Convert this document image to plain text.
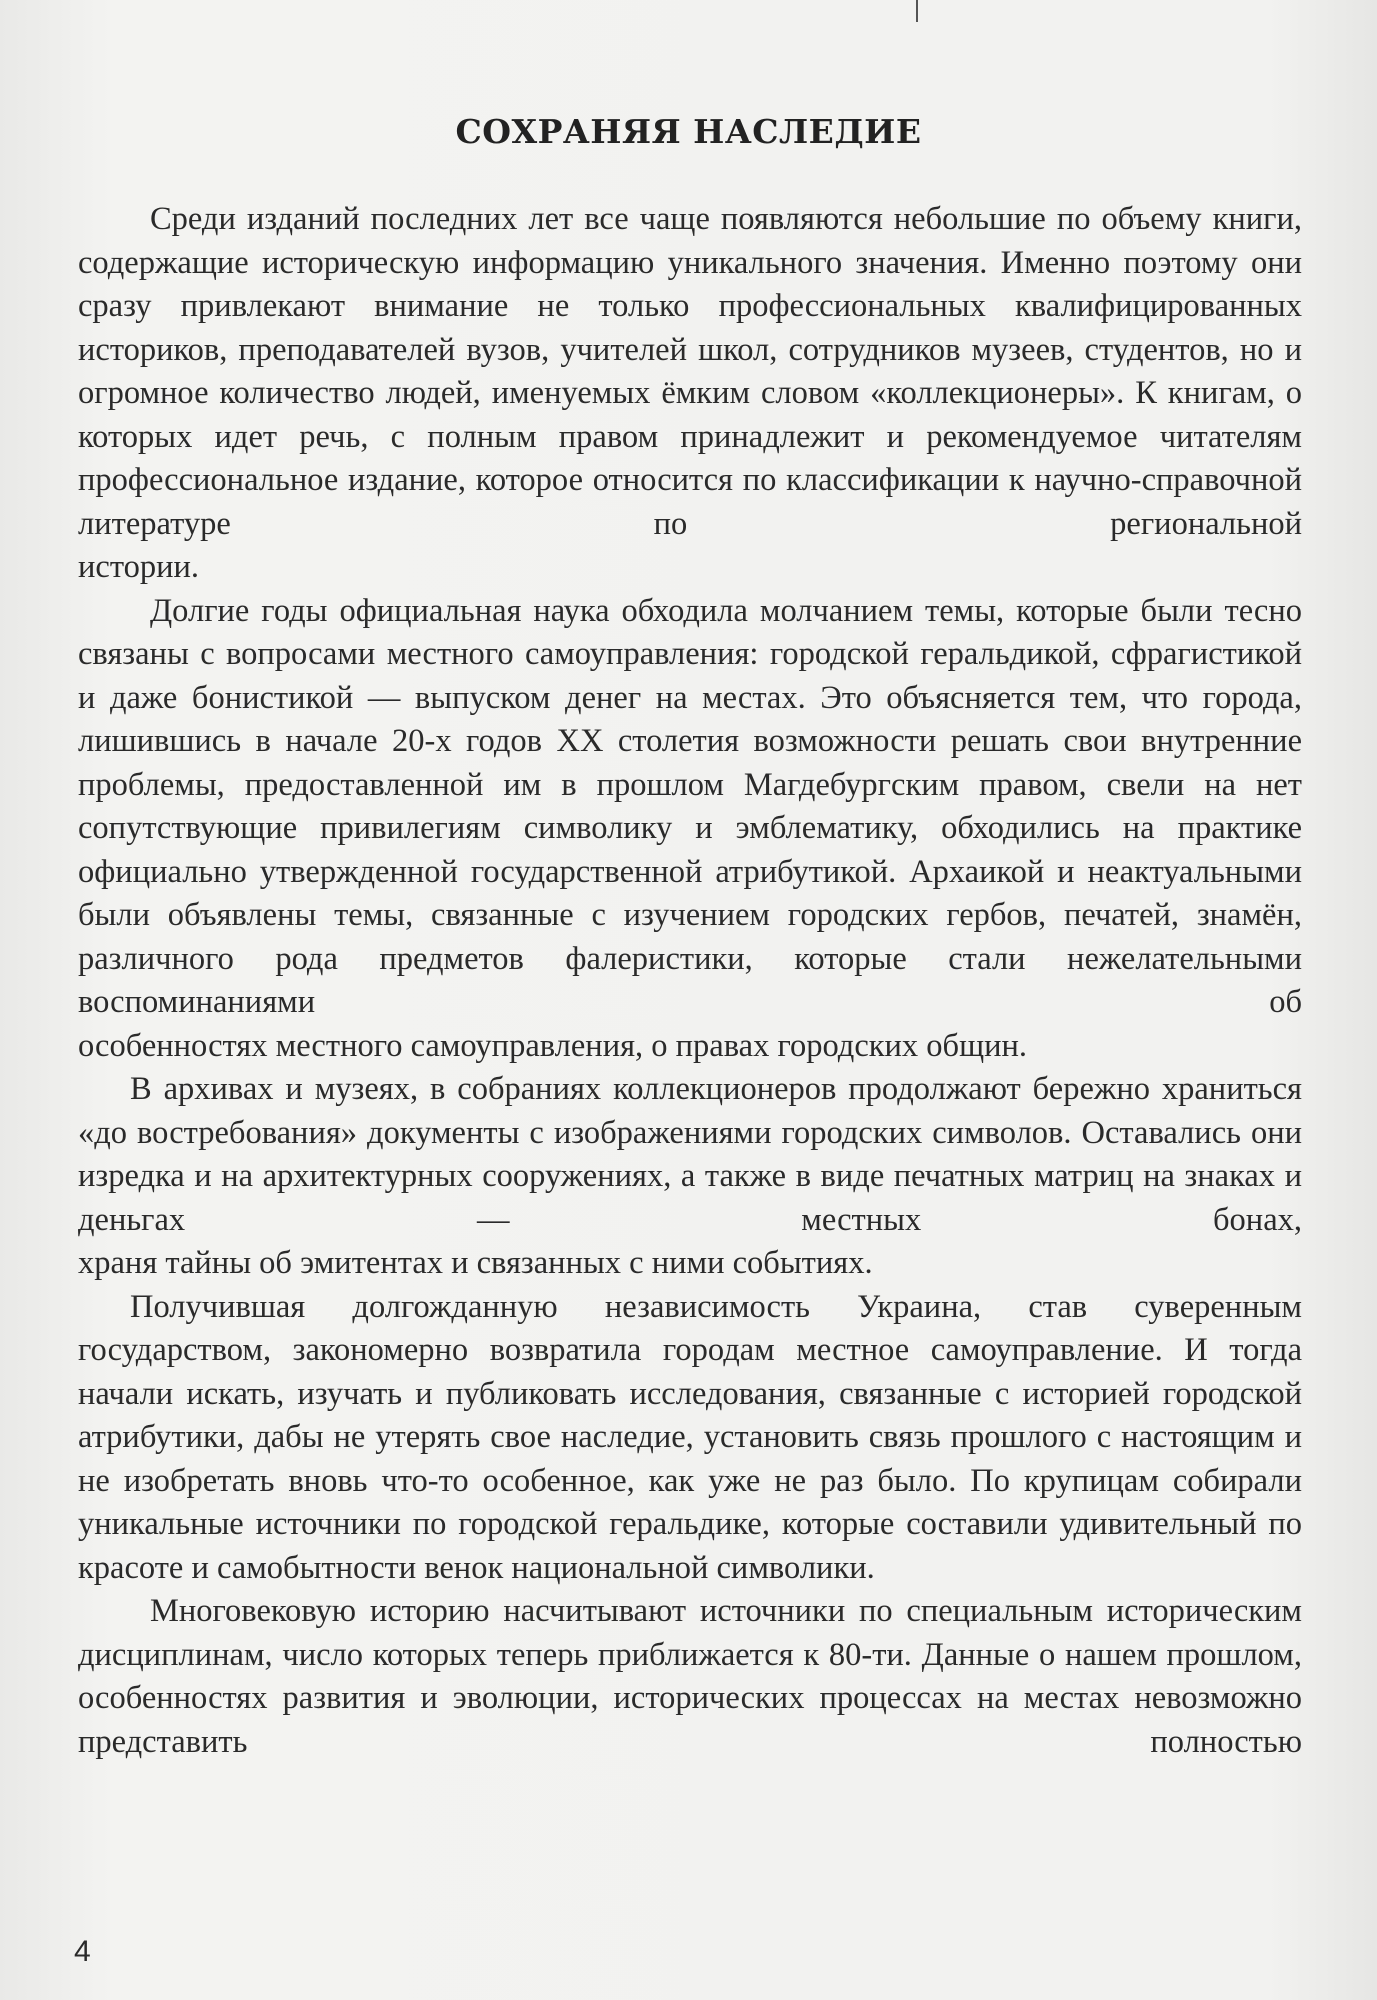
СОХРАНЯЯ НАСЛЕДИЕ

Среди изданий последних лет все чаще появляются небольшие по объему книги, содержащие историческую информацию уникального значения. Именно поэтому они сразу привлекают внимание не только профессиональных квалифицированных историков, преподавателей вузов, учителей школ, сотрудников музеев, студентов, но и огромное количество людей, именуемых ёмким словом «коллекционеры». К книгам, о которых идет речь, с полным правом принадлежит и рекомендуемое читателям профессиональное издание, которое относится по классификации к научно-справочной литературе по региональной
истории.

Долгие годы официальная наука обходила молчанием темы, которые были тесно связаны с вопросами местного самоуправления: городской геральдикой, сфрагистикой и даже бонистикой — выпуском денег на местах. Это объясняется тем, что города, лишившись в начале 20-х годов XX столетия возможности решать свои внутренние проблемы, предоставленной им в прошлом Магдебургским правом, свели на нет сопутствующие привилегиям символику и эмблематику, обходились на практике официально утвержденной государственной атрибутикой. Архаикой и неактуальными были объявлены темы, связанные с изучением городских гербов, печатей, знамён, различного рода предметов фалеристики, которые стали нежелательными воспоминаниями об
особенностях местного самоуправления, о правах городских общин.

В архивах и музеях, в собраниях коллекционеров продолжают бережно храниться «до востребования» документы с изображениями городских символов. Оставались они изредка и на архитектурных сооружениях, а также в виде печатных матриц на знаках и деньгах — местных бонах,
храня тайны об эмитентах и связанных с ними событиях.

Получившая долгожданную независимость Украина, став суверенным государством, закономерно возвратила городам местное самоуправление. И тогда начали искать, изучать и публиковать исследования, связанные с историей городской атрибутики, дабы не утерять свое наследие, установить связь прошлого с настоящим и не изобретать вновь что-то особенное, как уже не раз было. По крупицам собирали уникальные источники по городской геральдике, которые составили удивительный по
красоте и самобытности венок национальной символики.

Многовековую историю насчитывают источники по специальным историческим дисциплинам, число которых теперь приближается к 80-ти. Данные о нашем прошлом, особенностях развития и эволюции, исторических процессах на местах невозможно представить полностью

4
